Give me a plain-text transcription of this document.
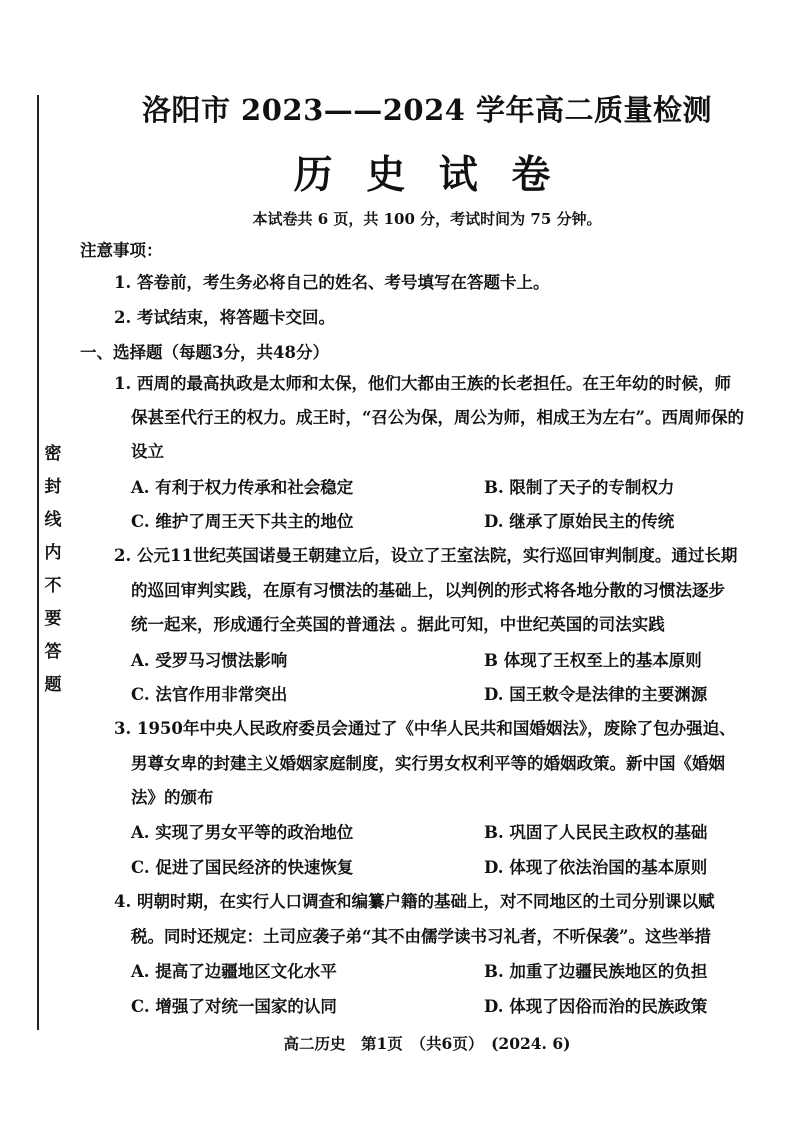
密
封
线
内
不
要
答
题
洛阳市 2023——2024 学年高二质量检测
历 史 试 卷
本试卷共 6 页，共 100 分，考试时间为 75 分钟。
注意事项：
1. 答卷前，考生务必将自己的姓名、考号填写在答题卡上。
2. 考试结束，将答题卡交回。
一、选择题（每题3分，共48分）
1. 西周的最高执政是太师和太保，他们大都由王族的长老担任。在王年幼的时候，师
保甚至代行王的权力。成王时，“召公为保，周公为师，相成王为左右”。西周师保的
设立
A. 有利于权力传承和社会稳定	B. 限制了天子的专制权力
C. 维护了周王天下共主的地位	D. 继承了原始民主的传统
2. 公元11世纪英国诺曼王朝建立后，设立了王室法院，实行巡回审判制度。通过长期
的巡回审判实践，在原有习惯法的基础上，以判例的形式将各地分散的习惯法逐步
统一起来，形成通行全英国的普通法 。据此可知，中世纪英国的司法实践
A. 受罗马习惯法影响	B 体现了王权至上的基本原则
C. 法官作用非常突出	D. 国王敕令是法律的主要渊源
3. 1950年中央人民政府委员会通过了《中华人民共和国婚姻法》，废除了包办强迫、
男尊女卑的封建主义婚姻家庭制度，实行男女权利平等的婚姻政策。新中国《婚姻
法》的颁布
A. 实现了男女平等的政治地位	B. 巩固了人民民主政权的基础
C. 促进了国民经济的快速恢复	D. 体现了依法治国的基本原则
4. 明朝时期，在实行人口调查和编纂户籍的基础上，对不同地区的土司分别课以赋
税。同时还规定：土司应袭子弟“其不由儒学读书习礼者，不听保袭”。这些举措
A. 提高了边疆地区文化水平	B. 加重了边疆民族地区的负担
C. 增强了对统一国家的认同	D. 体现了因俗而治的民族政策
高二历史　第1页　（共6页）　(2024. 6)
